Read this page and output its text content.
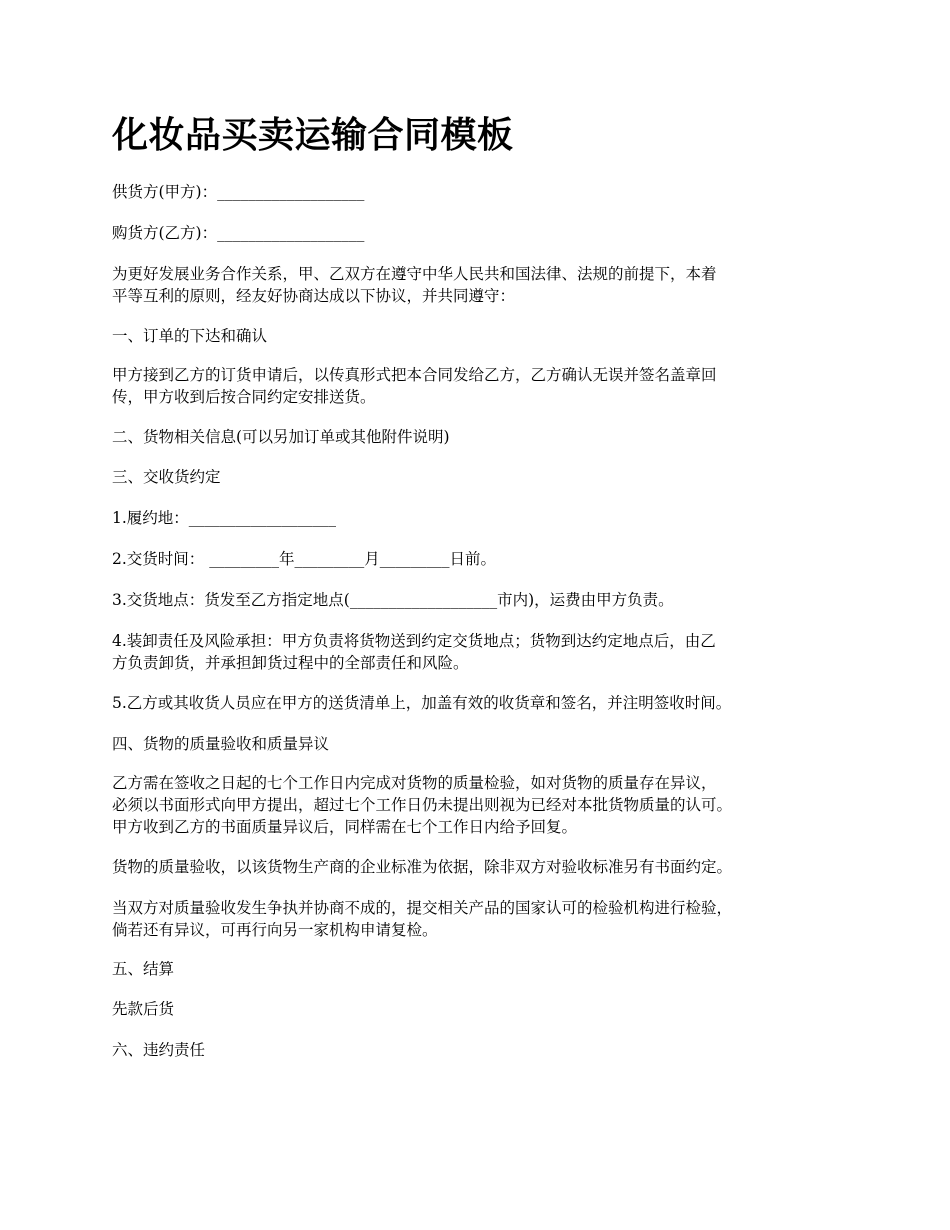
化妆品买卖运输合同模板
供货方(甲方)：___________________
购货方(乙方)：___________________
为更好发展业务合作关系，甲、乙双方在遵守中华人民共和国法律、法规的前提下，本着
平等互利的原则，经友好协商达成以下协议，并共同遵守：
一、订单的下达和确认
甲方接到乙方的订货申请后，以传真形式把本合同发给乙方，乙方确认无误并签名盖章回
传，甲方收到后按合同约定安排送货。
二、货物相关信息(可以另加订单或其他附件说明)
三、交收货约定
1.履约地：___________________
2.交货时间： _________年_________月_________日前。
3.交货地点：货发至乙方指定地点(___________________市内)，运费由甲方负责。
4.装卸责任及风险承担：甲方负责将货物送到约定交货地点；货物到达约定地点后，由乙
方负责卸货，并承担卸货过程中的全部责任和风险。
5.乙方或其收货人员应在甲方的送货清单上，加盖有效的收货章和签名，并注明签收时间。
四、货物的质量验收和质量异议
乙方需在签收之日起的七个工作日内完成对货物的质量检验，如对货物的质量存在异议，
必须以书面形式向甲方提出，超过七个工作日仍未提出则视为已经对本批货物质量的认可。
甲方收到乙方的书面质量异议后，同样需在七个工作日内给予回复。
货物的质量验收，以该货物生产商的企业标准为依据，除非双方对验收标准另有书面约定。
当双方对质量验收发生争执并协商不成的，提交相关产品的国家认可的检验机构进行检验，
倘若还有异议，可再行向另一家机构申请复检。
五、结算
先款后货
六、违约责任
